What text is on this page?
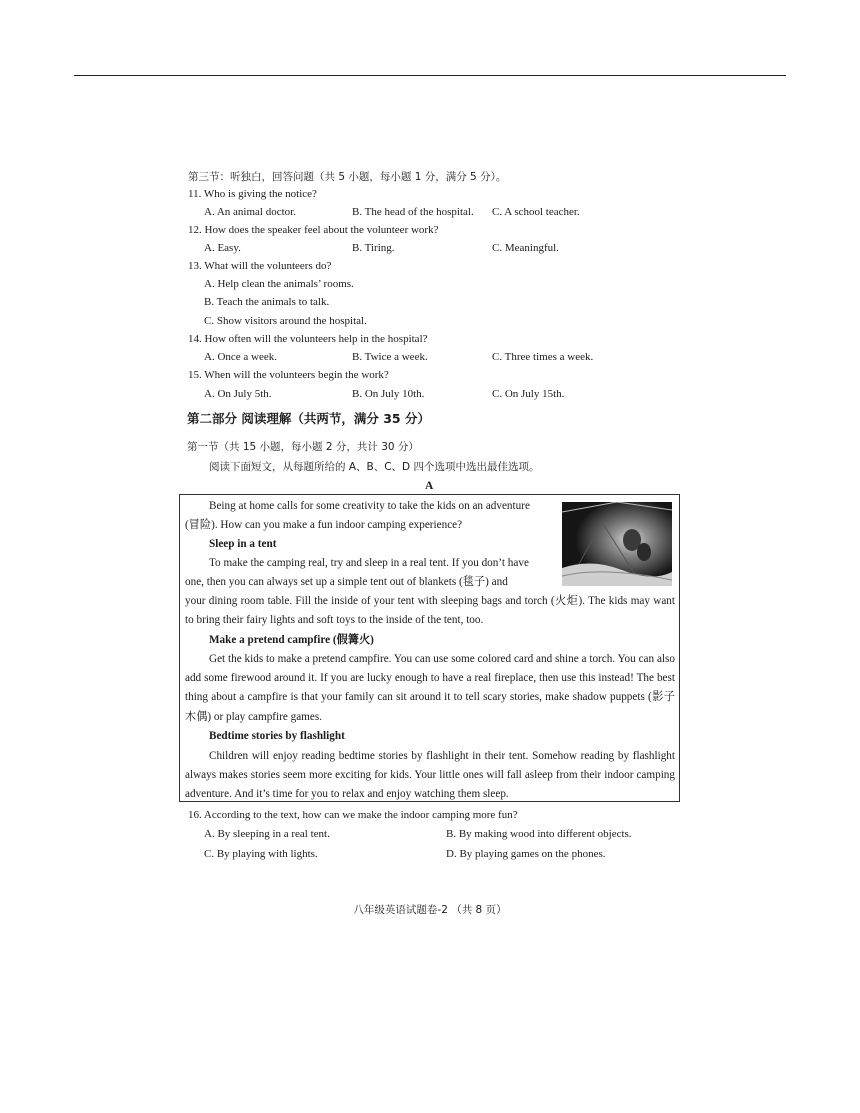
第三节：听独白，回答问题（共 5 小题，每小题 1 分，满分 5 分）。
11. Who is giving the notice?
A. An animal doctor.	B. The head of the hospital. C. A school teacher.
12. How does the speaker feel about the volunteer work?
A. Easy.	B. Tiring.	C. Meaningful.
13. What will the volunteers do?
A. Help clean the animals’ rooms.
B. Teach the animals to talk.
C. Show visitors around the hospital.
14. How often will the volunteers help in the hospital?
A. Once a week.	B. Twice a week.	C. Three times a week.
15. When will the volunteers begin the work?
A. On July 5th.	B. On July 10th.	C. On July 15th.
第二部分 阅读理解（共两节，满分 35 分）
第一节（共 15 小题，每小题 2 分，共计 30 分）
阅读下面短文，从每题所给的 A、B、C、D 四个选项中选出最佳选项。
A

Being at home calls for some creativity to take the kids on an adventure

(冒险). How can you make a fun indoor camping experience?

Sleep in a tent

To make the camping real, try and sleep in a real tent. If you don’t have

one, then you can always set up a simple tent out of blankets (毯子) and

your dining room table. Fill the inside of your tent with sleeping bags and torch (火炬). The kids may want to bring their fairy lights and soft toys to the inside of the tent, too.

Make a pretend campfire (假篝火)

Get the kids to make a pretend campfire. You can use some colored card and shine a torch. You can also add some firewood around it. If you are lucky enough to have a real fireplace, then use this instead! The best thing about a campfire is that your family can sit around it to tell scary stories, make shadow puppets (影子木偶) or play campfire games.

Bedtime stories by flashlight

Children will enjoy reading bedtime stories by flashlight in their tent. Somehow reading by flashlight always makes stories seem more exciting for kids. Your little ones will fall asleep from their indoor camping adventure. And it’s time for you to relax and enjoy watching them sleep.

16. According to the text, how can we make the indoor camping more fun?
A. By sleeping in a real tent.	B. By making wood into different objects.
C. By playing with lights.	D. By playing games on the phones.
八年级英语试题卷-2 （共 8 页）
